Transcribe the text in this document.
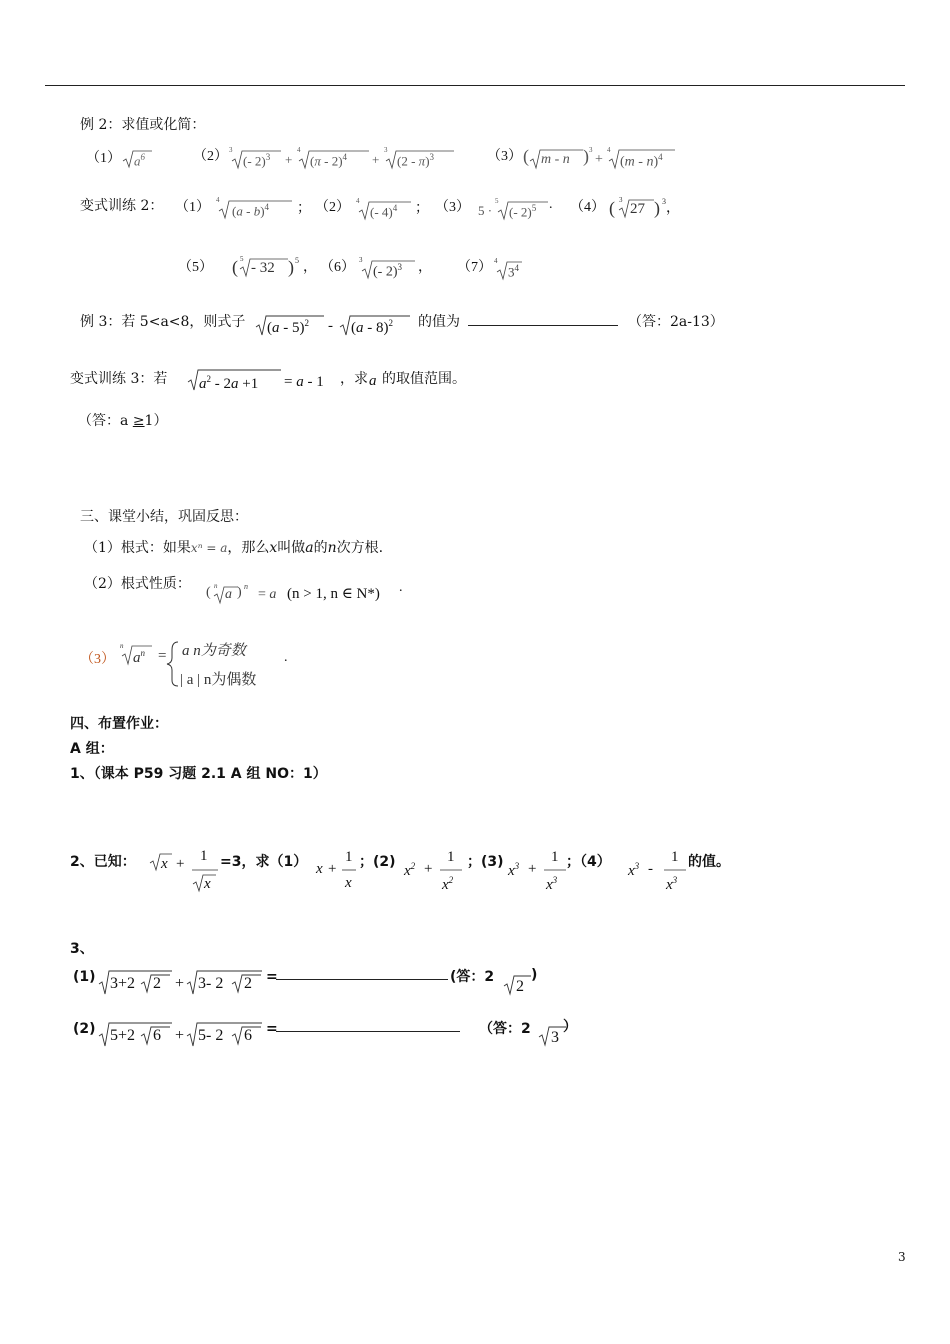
例 2：求值或化简：
（1） $a^6$	（2） 3
(- 2)$^3$ +
4
(π - 2)$^4$ +
3
(2 - π)$^3$	（3） ( m - n ) 3
+
4
(m - n)$^4$
变式训练 2： （1） 4
(a - b)$^4$ ； （2） 4
(- 4)$^4$ ； （3） 5 ·
5
(- 2)$^5$ . （4） ( 3
27 ) 3 ，
（5） ( 5
- 32 ) 5 ， （6） 3
(- 2)$^3$ ， （7） 4
$3^4$
例 3：若 5<a<8，则式子 (a - 5)$^2$ - (a - 8)$^2$ 的值为	（答：2a-13）
变式训练 3：若 $a^2 - 2a +1 = a - 1$ ，求 a 的取值范围。
（答：a ≥1）
三、课堂小结，巩固反思：
（1）根式：如果xⁿ = a，那么x叫做a的n次方根.
（2）根式性质：
( n
a ) n
= a (n > 1, n ∈ N*) .
（3）
n
$a^n = a$ n为奇数
| a | n为偶数
.
四、布置作业：
A 组：
1、（课本 P59 习题 2.1 A 组 NO：1）
2、已知： x + 1
x
=3，求（1） x +
1
x
；(2)
$x^2$ +
1
$x^2$
；(3)
$x^3$ +
1
$x^3$
；（4）
$x^3$ -
1
$x^3$
的值。
3、
(1) 3+2 2 + 3- 2 2 =	(答：2
2
)
(2) 5+2 6 + 5- 2 6 =	（答：2 3
）
3
